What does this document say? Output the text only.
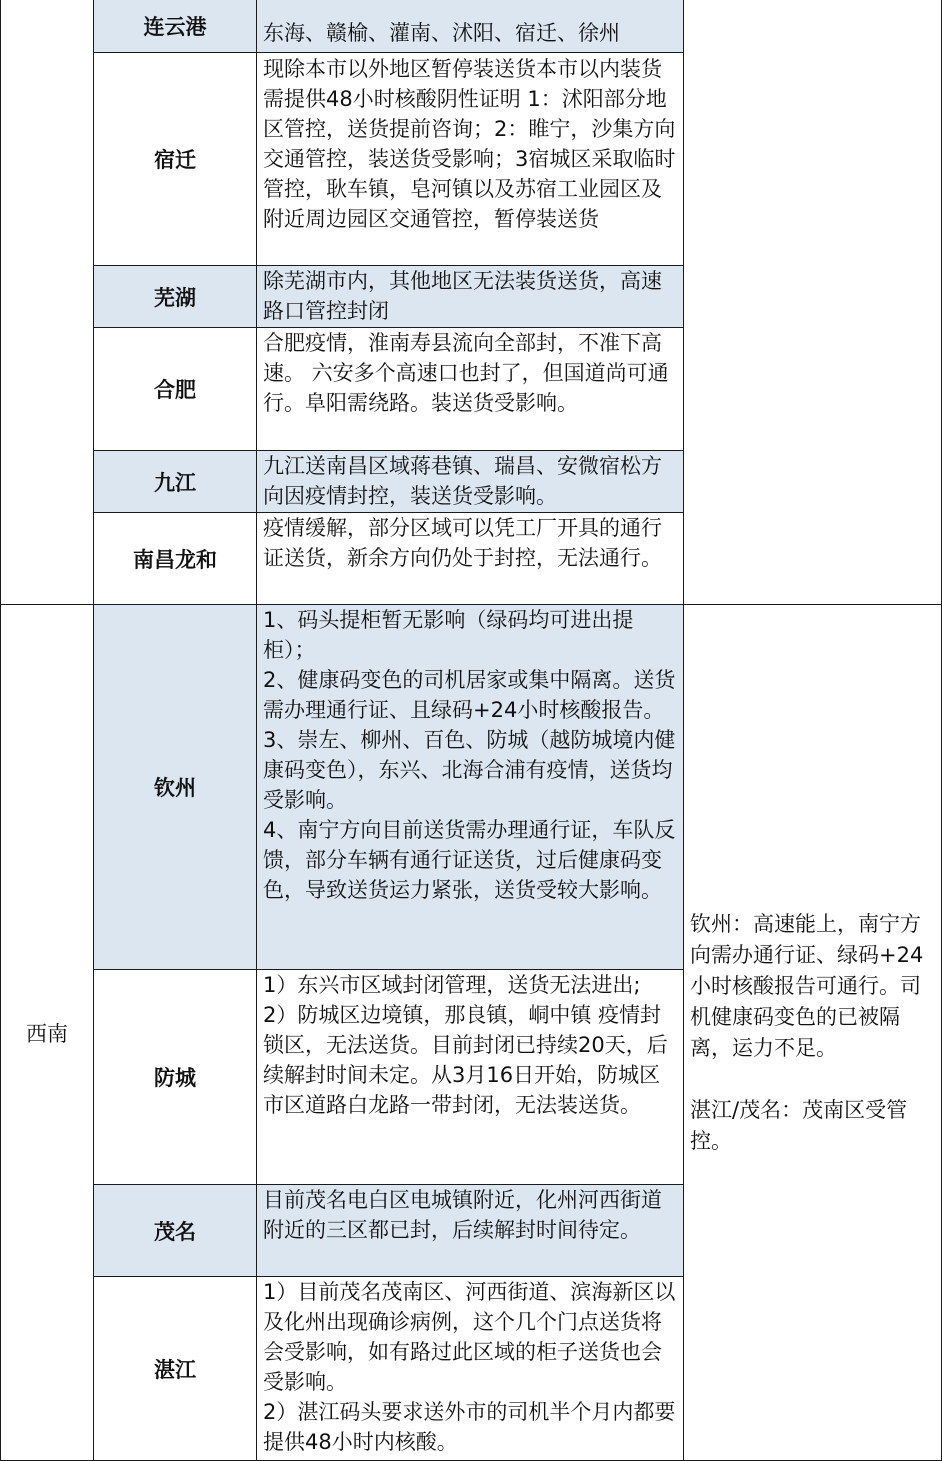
连云港	东海、赣榆、灌南、沭阳、宿迁、徐州

宿迁
现除本市以外地区暂停装送货本市以内装货需提供48小时核酸阴性证明 1：沭阳部分地区管控，送货提前咨询；2：睢宁，沙集方向交通管控，装送货受影响；3宿城区采取临时管控，耿车镇，皂河镇以及苏宿工业园区及附近周边园区交通管控，暂停装送货
芜湖
除芜湖市内，其他地区无法装货送货，高速路口管控封闭
合肥
合肥疫情，淮南寿县流向全部封，不准下高速。 六安多个高速口也封了，但国道尚可通行。阜阳需绕路。装送货受影响。
九江
九江送南昌区域蒋巷镇、瑞昌、安微宿松方向因疫情封控，装送货受影响。
南昌龙和
疫情缓解，部分区域可以凭工厂开具的通行证送货，新余方向仍处于封控，无法通行。
西南
钦州：高速能上，南宁方向需办通行证、绿码+24小时核酸报告可通行。司机健康码变色的已被隔离，运力不足。

湛江/茂名：茂南区受管控。
钦州
1、码头提柜暂无影响（绿码均可进出提柜）；
2、健康码变色的司机居家或集中隔离。送货需办理通行证、且绿码+24小时核酸报告。
3、崇左、柳州、百色、防城（越防城境内健康码变色），东兴、北海合浦有疫情，送货均受影响。
4、南宁方向目前送货需办理通行证，车队反馈，部分车辆有通行证送货，过后健康码变色，导致送货运力紧张，送货受较大影响。
防城
1）东兴市区域封闭管理，送货无法进出;
2）防城区边境镇，那良镇，峒中镇 疫情封锁区，无法送货。目前封闭已持续20天，后续解封时间未定。从3月16日开始，防城区市区道路白龙路一带封闭，无法装送货。
茂名
目前茂名电白区电城镇附近，化州河西街道附近的三区都已封，后续解封时间待定。
湛江
1）目前茂名茂南区、河西街道、滨海新区以及化州出现确诊病例，这个几个门点送货将会受影响，如有路过此区域的柜子送货也会受影响。
2）湛江码头要求送外市的司机半个月内都要提供48小时内核酸。
